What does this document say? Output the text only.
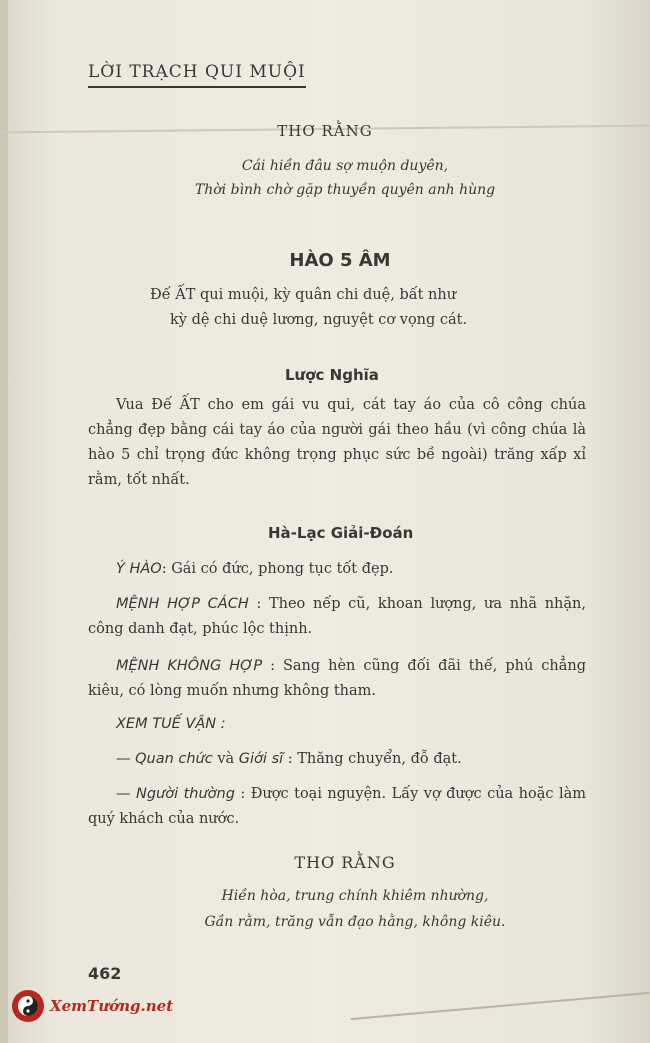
LỜI TRẠCH QUI MUỘI
THƠ RẰNG
Cái hiền đâu sợ muộn duyên,
Thời bình chờ gặp thuyền quyên anh hùng
HÀO 5 ÂM
Đế ẤT qui muội, kỳ quân chi duệ, bất như
kỳ dệ chi duệ lương, nguyệt cơ vọng cát.
Lược Nghĩa

Vua Đế ẤT cho em gái vu qui, cát tay áo của cô công chúa chẳng đẹp bằng cái tay áo của người gái theo hầu (vì công chúa là hào 5 chỉ trọng đức không trọng phục sức bề ngoài) trăng xấp xỉ rằm, tốt nhất.

Hà-Lạc Giải-Đoán

Ý HÀO: Gái có đức, phong tục tốt đẹp.

MỆNH HỢP CÁCH : Theo nếp cũ, khoan lượng, ưa nhã nhặn, công danh đạt, phúc lộc thịnh.

MỆNH KHÔNG HỢP : Sang hèn cũng đối đãi thế, phú chẳng kiêu, có lòng muốn nhưng không tham.

XEM TUẾ VẬN :

— Quan chức và Giới sĩ : Thăng chuyển, đỗ đạt.

— Người thường : Được toại nguyện. Lấy vợ được của hoặc làm quý khách của nước.

THƠ RẰNG
Hiền hòa, trung chính khiêm nhường,
Gần rằm, trăng vẫn đạo hằng, không kiêu.
462
XemTướng.net
